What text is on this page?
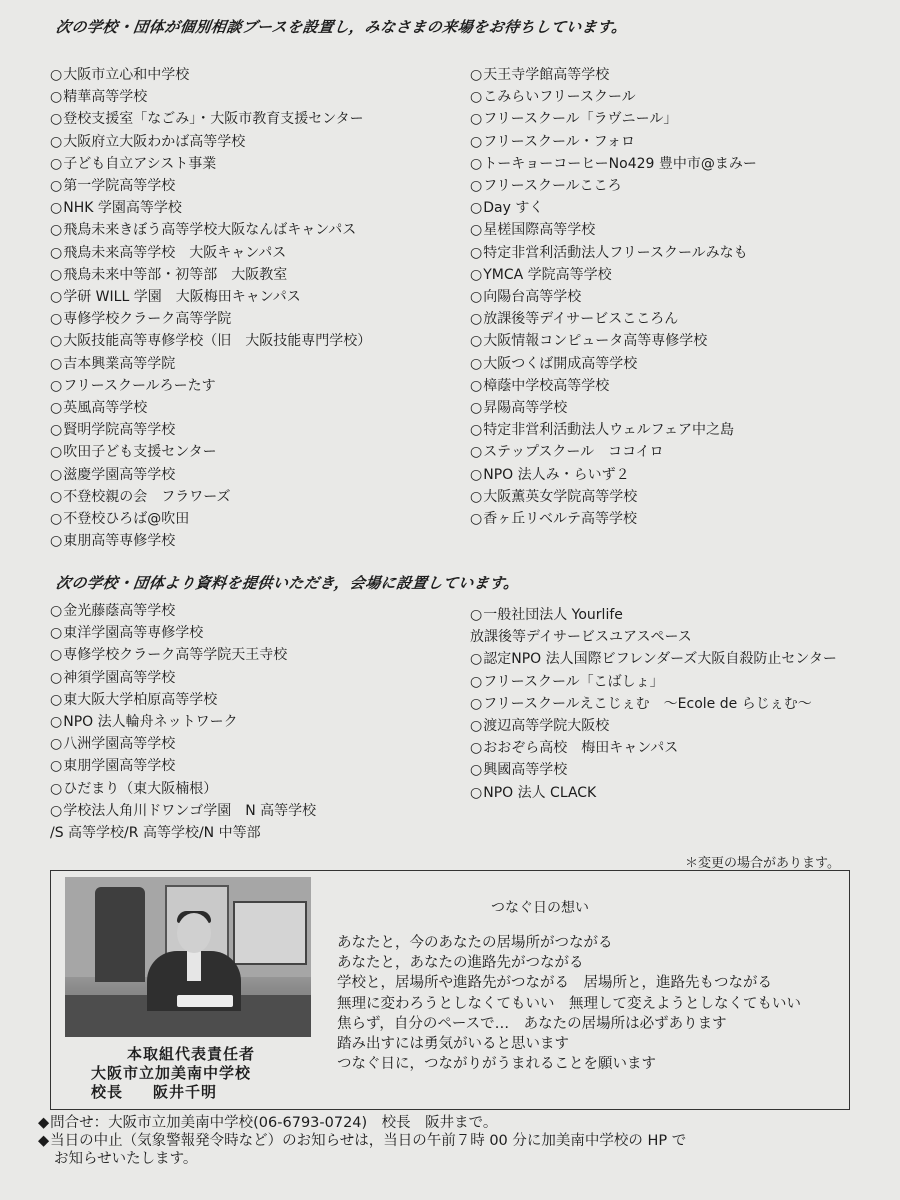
次の学校・団体が個別相談ブースを設置し，みなさまの来場をお待ちしています。
○ 大阪市立心和中学校
○ 精華高等学校
○ 登校支援室「なごみ」・大阪市教育支援センター
○ 大阪府立大阪わかば高等学校
○ 子ども自立アシスト事業
○ 第一学院高等学校
○ NHK 学園高等学校
○ 飛鳥未来きぼう高等学校大阪なんばキャンパス
○ 飛鳥未来高等学校　大阪キャンパス
○ 飛鳥未来中等部・初等部　大阪教室
○ 学研 WILL 学園　大阪梅田キャンパス
○ 専修学校クラーク高等学院
○ 大阪技能高等専修学校（旧　大阪技能専門学校）
○ 吉本興業高等学院
○ フリースクールろーたす
○ 英風高等学校
○ 賢明学院高等学校
○ 吹田子ども支援センター
○ 滋慶学園高等学校
○ 不登校親の会　フラワーズ
○ 不登校ひろば@吹田
○ 東朋高等専修学校
○ 天王寺学館高等学校
○ こみらいフリースクール
○ フリースクール「ラヴニール」
○ フリースクール・フォロ
○ トーキョーコーヒーNo429 豊中市@まみー
○ フリースクールこころ
○ Day すく
○ 星槎国際高等学校
○ 特定非営利活動法人フリースクールみなも
○ YMCA 学院高等学校
○ 向陽台高等学校
○ 放課後等デイサービスこころん
○ 大阪情報コンピュータ高等専修学校
○ 大阪つくば開成高等学校
○ 樟蔭中学校高等学校
○ 昇陽高等学校
○ 特定非営利活動法人ウェルフェア中之島
○ ステップスクール　ココイロ
○ NPO 法人み・らいず２
○ 大阪薫英女学院高等学校
○ 香ヶ丘リベルテ高等学校
次の学校・団体より資料を提供いただき，会場に設置しています。
○ 金光藤蔭高等学校
○ 東洋学園高等専修学校
○ 専修学校クラーク高等学院天王寺校
○ 神須学園高等学校
○ 東大阪大学柏原高等学校
○ NPO 法人輪舟ネットワーク
○ 八洲学園高等学校
○ 東朋学園高等学校
○ ひだまり（東大阪楠根）
○ 学校法人角川ドワンゴ学園　N 高等学校
/S 高等学校/R 高等学校/N 中等部
○ 一般社団法人 Yourlife
放課後等デイサービスユアスペース
○ 認定NPO 法人国際ビフレンダーズ大阪自殺防止センター
○ フリースクール「こばしょ」
○ フリースクールえこじぇむ　～Ecole de らじぇむ～
○ 渡辺高等学院大阪校
○ おおぞら高校　梅田キャンパス
○ 興國高等学校
○ NPO 法人 CLACK
＊変更の場合があります。
本取組代表責任者
大阪市立加美南中学校
校長 阪井千明
つなぐ日の想い
あなたと，今のあなたの居場所がつながる
あなたと，あなたの進路先がつながる
学校と，居場所や進路先がつながる　居場所と，進路先もつながる
無理に変わろうとしなくてもいい　無理して変えようとしなくてもいい
焦らず，自分のペースで…　あなたの居場所は必ずあります
踏み出すには勇気がいると思います
つなぐ日に，つながりがうまれることを願います
◆問合せ：大阪市立加美南中学校(06-6793-0724)　校長　阪井まで。
◆当日の中止（気象警報発令時など）のお知らせは，当日の午前７時 00 分に加美南中学校の HP で
お知らせいたします。
